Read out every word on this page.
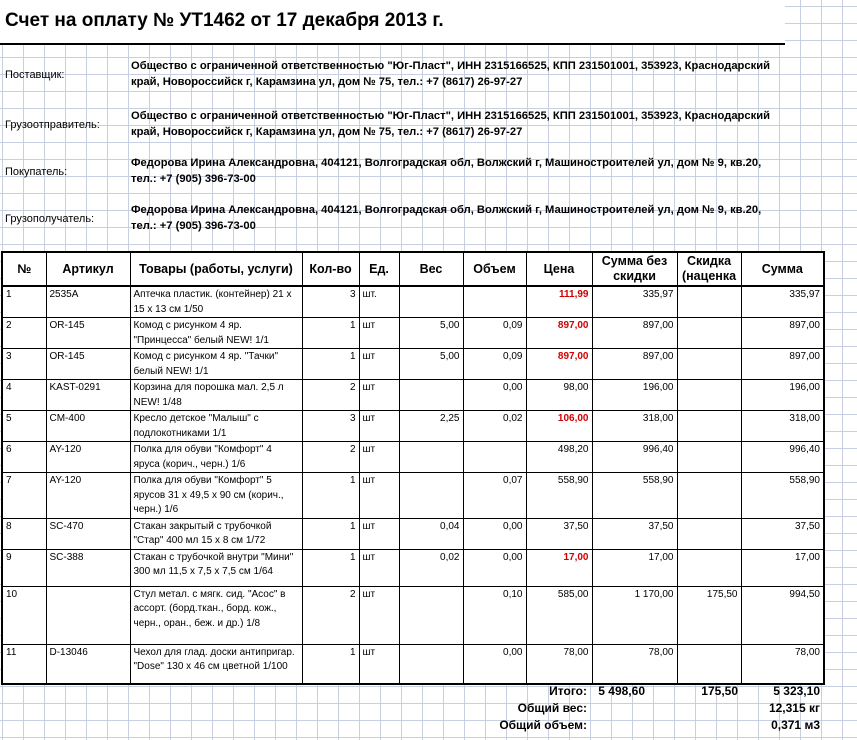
Счет на оплату № УТ1462 от 17 декабря 2013 г.
Поставщик:
Общество с ограниченной ответственностью "Юг-Пласт", ИНН 2315166525, КПП 231501001, 353923, Краснодарский край, Новороссийск г, Карамзина ул, дом № 75, тел.: +7 (8617) 26-97-27
Грузоотправитель:
Общество с ограниченной ответственностью "Юг-Пласт", ИНН 2315166525, КПП 231501001, 353923, Краснодарский край, Новороссийск г, Карамзина ул, дом № 75, тел.: +7 (8617) 26-97-27
Покупатель:
Федорова Ирина Александровна, 404121, Волгоградская обл, Волжский г, Машиностроителей ул, дом № 9, кв.20, тел.: +7 (905) 396-73-00
Грузополучатель:
Федорова Ирина Александровна, 404121, Волгоградская обл, Волжский г, Машиностроителей ул, дом № 9, кв.20, тел.: +7 (905) 396-73-00
№	Артикул	Товары (работы, услуги)	Кол-во	Ед.	Вес	Объем	Цена	Сумма без скидки	Скидка (наценка	Сумма
1	2535A	Аптечка пластик. (контейнер) 21 х 15 х 13 см 1/50	3	шт.			111,99	335,97		335,97
2	OR-145	Комод с рисунком 4 яр. "Принцесса" белый NEW! 1/1	1	шт	5,00	0,09	897,00	897,00		897,00
3	OR-145	Комод с рисунком 4 яр. "Тачки" белый NEW! 1/1	1	шт	5,00	0,09	897,00	897,00		897,00
4	KAST-0291	Корзина для порошка мал. 2,5 л NEW! 1/48	2	шт		0,00	98,00	196,00		196,00
5	CM-400	Кресло детское "Малыш" с подлокотниками 1/1	3	шт	2,25	0,02	106,00	318,00		318,00
6	AY-120	Полка для обуви "Комфорт" 4 яруса (корич., черн.) 1/6	2	шт			498,20	996,40		996,40
7	AY-120	Полка для обуви "Комфорт" 5 ярусов 31 х 49,5 х 90 см (корич., черн.) 1/6	1	шт		0,07	558,90	558,90		558,90
8	SC-470	Стакан закрытый с трубочкой "Стар" 400 мл 15 х 8 см 1/72	1	шт	0,04	0,00	37,50	37,50		37,50
9	SC-388	Стакан с трубочкой внутри "Мини" 300 мл 11,5 х 7,5 х 7,5 см 1/64	1	шт	0,02	0,00	17,00	17,00		17,00
10		Стул метал. с мягк. сид. "Асос" в ассорт. (борд.ткан., борд. кож., черн., оран., беж. и др.) 1/8	2	шт		0,10	585,00	1 170,00	175,50	994,50
11	D-13046	Чехол для глад. доски антипригар. "Dose" 130 х 46 см цветной 1/100	1	шт		0,00	78,00	78,00		78,00
Итого: 5 498,60	175,50	5 323,10
Общий вес:	12,315 кг
Общий объем:	0,371 м3
